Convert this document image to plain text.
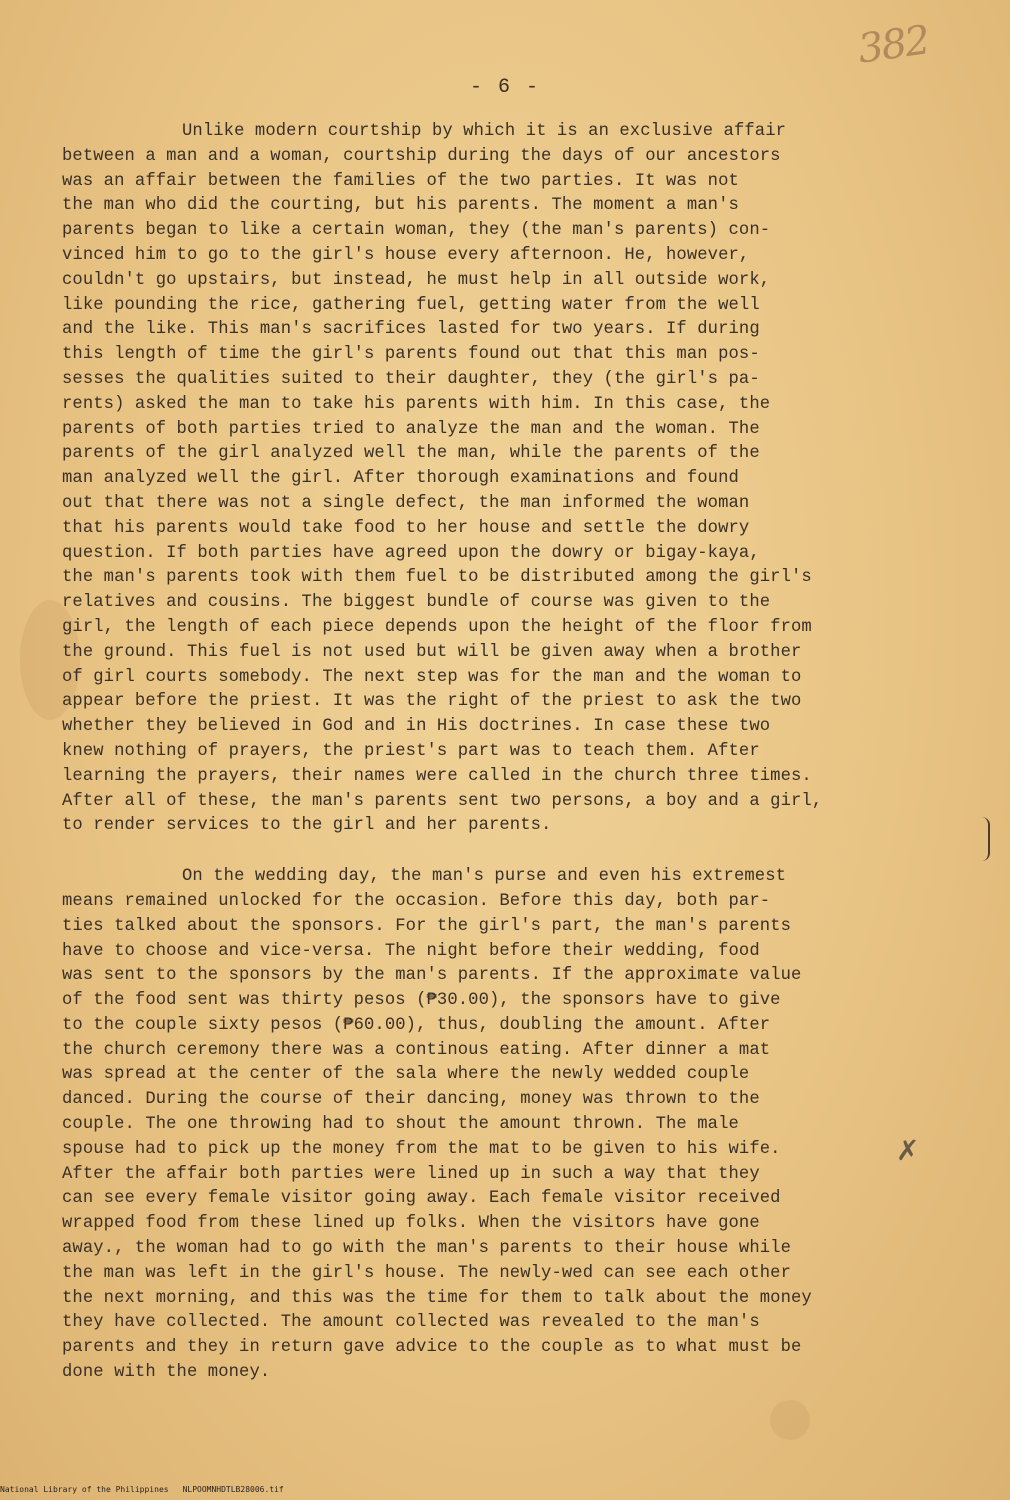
382
- 6 -
Unlike modern courtship by which it is an exclusive affair
between a man and a woman, courtship during the days of our ancestors
was an affair between the families of the two parties. It was not
the man who did the courting, but his parents. The moment a man's
parents began to like a certain woman, they (the man's parents) con-
vinced him to go to the girl's house every afternoon. He, however,
couldn't go upstairs, but instead, he must help in all outside work,
like pounding the rice, gathering fuel, getting water from the well
and the like. This man's sacrifices lasted for two years. If during
this length of time the girl's parents found out that this man pos-
sesses the qualities suited to their daughter, they (the girl's pa-
rents) asked the man to take his parents with him. In this case, the
parents of both parties tried to analyze the man and the woman. The
parents of the girl analyzed well the man, while the parents of the
man analyzed well the girl. After thorough examinations and found
out that there was not a single defect, the man informed the woman
that his parents would take food to her house and settle the dowry
question. If both parties have agreed upon the dowry or bigay-kaya,
the man's parents took with them fuel to be distributed among the girl's
relatives and cousins. The biggest bundle of course was given to the
girl, the length of each piece depends upon the height of the floor from
the ground. This fuel is not used but will be given away when a brother
of girl courts somebody. The next step was for the man and the woman to
appear before the priest. It was the right of the priest to ask the two
whether they believed in God and in His doctrines. In case these two
knew nothing of prayers, the priest's part was to teach them. After
learning the prayers, their names were called in the church three times.
After all of these, the man's parents sent two persons, a boy and a girl,
to render services to the girl and her parents.
On the wedding day, the man's purse and even his extremest
means remained unlocked for the occasion. Before this day, both par-
ties talked about the sponsors. For the girl's part, the man's parents
have to choose and vice-versa. The night before their wedding, food
was sent to the sponsors by the man's parents. If the approximate value
of the food sent was thirty pesos (₱30.00), the sponsors have to give
to the couple sixty pesos (₱60.00), thus, doubling the amount. After
the church ceremony there was a continous eating. After dinner a mat
was spread at the center of the sala where the newly wedded couple
danced. During the course of their dancing, money was thrown to the
couple. The one throwing had to shout the amount thrown. The male
spouse had to pick up the money from the mat to be given to his wife.
After the affair both parties were lined up in such a way that they
can see every female visitor going away. Each female visitor received
wrapped food from these lined up folks. When the visitors have gone
away., the woman had to go with the man's parents to their house while
the man was left in the girl's house. The newly-wed can see each other
the next morning, and this was the time for them to talk about the money
they have collected. The amount collected was revealed to the man's
parents and they in return gave advice to the couple as to what must be
done with the money.
✗
National Library of the Philippines NLPOOMNHDTLB28006.tif
